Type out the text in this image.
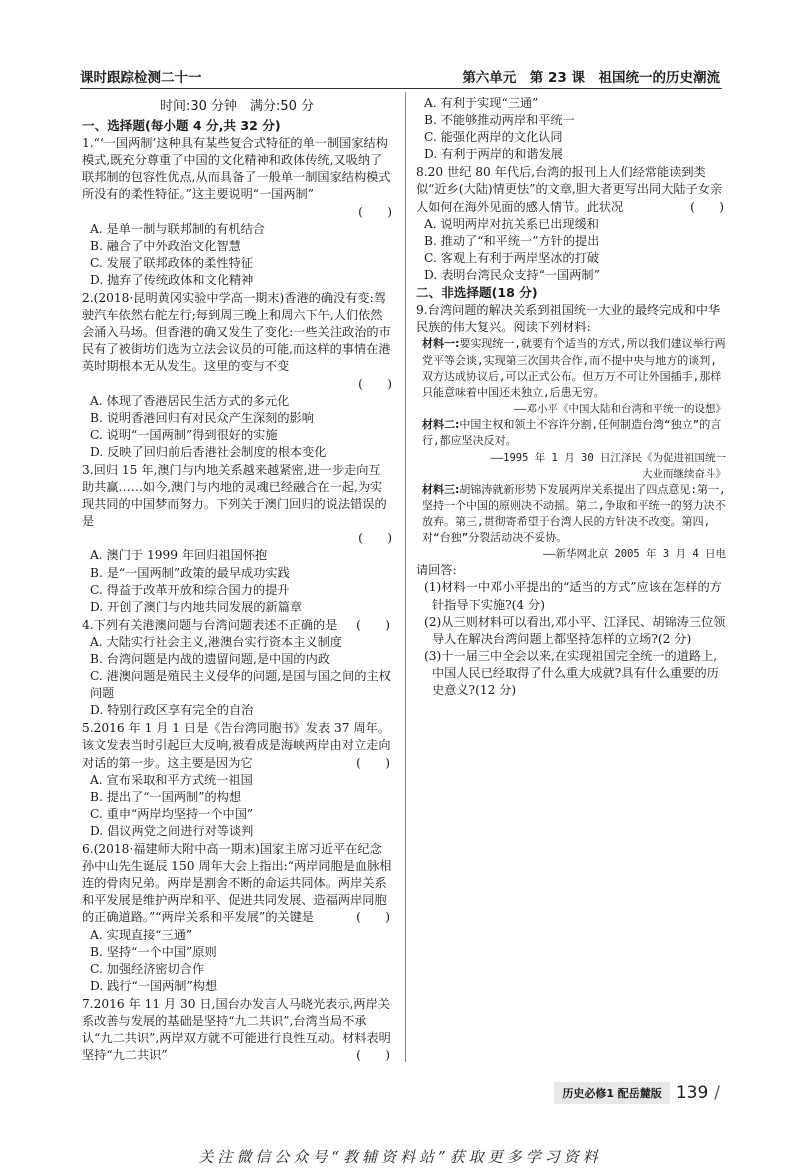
课时跟踪检测二十一	第六单元　第 23 课　祖国统一的历史潮流

时间:30 分钟　满分:50 分

一、选择题(每小题 4 分,共 32 分)

1.“‘一国两制’这种具有某些复合式特征的单一制国家结构模式,既充分尊重了中国的文化精神和政体传统,又吸纳了联邦制的包容性优点,从而具备了一般单一制国家结构模式所没有的柔性特征。”这主要说明“一国两制”

(　　)

A. 是单一制与联邦制的有机结合

B. 融合了中外政治文化智慧

C. 发展了联邦政体的柔性特征

D. 抛弃了传统政体和文化精神

2.(2018·昆明黄冈实验中学高一期末)香港的确没有变:驾驶汽车依然右舵左行;每到周三晚上和周六下午,人们依然会涌入马场。但香港的确又发生了变化:一些关注政治的市民有了被街坊们选为立法会议员的可能,而这样的事情在港英时期根本无从发生。这里的变与不变

(　　)

A. 体现了香港居民生活方式的多元化

B. 说明香港回归有对民众产生深刻的影响

C. 说明“一国两制”得到很好的实施

D. 反映了回归前后香港社会制度的根本变化

3.回归 15 年,澳门与内地关系越来越紧密,进一步走向互助共赢……如今,澳门与内地的灵魂已经融合在一起,为实现共同的中国梦而努力。下列关于澳门回归的说法错误的是

(　　)

A. 澳门于 1999 年回归祖国怀抱

B. 是“一国两制”政策的最早成功实践

C. 得益于改革开放和综合国力的提升

D. 开创了澳门与内地共同发展的新篇章

4.下列有关港澳问题与台湾问题表述不正确的是 (　　)

A. 大陆实行社会主义,港澳台实行资本主义制度

B. 台湾问题是内战的遗留问题,是中国的内政

C. 港澳问题是殖民主义侵华的问题,是国与国之间的主权问题

D. 特别行政区享有完全的自治

5.2016 年 1 月 1 日是《告台湾同胞书》发表 37 周年。该文发表当时引起巨大反响,被看成是海峡两岸由对立走向对话的第一步。这主要是因为它	(　　)

A. 宣布采取和平方式统一祖国

B. 提出了“一国两制”的构想

C. 重申“两岸均坚持一个中国”

D. 倡议两党之间进行对等谈判

6.(2018·福建师大附中高一期末)国家主席习近平在纪念孙中山先生诞辰 150 周年大会上指出:“两岸同胞是血脉相连的骨肉兄弟。两岸是割舍不断的命运共同体。两岸关系和平发展是维护两岸和平、促进共同发展、造福两岸同胞的正确道路。”“两岸关系和平发展”的关键是	(　　)

A. 实现直接“三通”

B. 坚持“一个中国”原则

C. 加强经济密切合作

D. 践行“一国两制”构想

7.2016 年 11 月 30 日,国台办发言人马晓光表示,两岸关系改善与发展的基础是坚持“九二共识”,台湾当局不承认“九二共识”,两岸双方就不可能进行良性互动。材料表明坚持“九二共识”	(　　)

A. 有利于实现“三通”

B. 不能够推动两岸和平统一

C. 能强化两岸的文化认同

D. 有利于两岸的和谐发展

8.20 世纪 80 年代后,台湾的报刊上人们经常能读到类似“近乡(大陆)情更怯”的文章,胆大者更写出同大陆子女亲人如何在海外见面的感人情节。此状况	(　　)

A. 说明两岸对抗关系已出现缓和

B. 推动了“和平统一”方针的提出

C. 客观上有利于两岸坚冰的打破

D. 表明台湾民众支持“一国两制”

二、非选择题(18 分)

9.台湾问题的解决关系到祖国统一大业的最终完成和中华民族的伟大复兴。阅读下列材料:

材料一:要实现统一,就要有个适当的方式,所以我们建议举行两党平等会谈,实现第三次国共合作,而不提中央与地方的谈判,双方达成协议后,可以正式公布。但万万不可让外国插手,那样只能意味着中国还未独立,后患无穷。

——邓小平《中国大陆和台湾和平统一的设想》

材料二:中国主权和领土不容许分割,任何制造台湾“独立”的言行,都应坚决反对。

——1995 年 1 月 30 日江泽民《为促进祖国统一

大业而继续奋斗》

材料三:胡锦涛就新形势下发展两岸关系提出了四点意见:第一,坚持一个中国的原则决不动摇。第二,争取和平统一的努力决不放弃。第三,贯彻寄希望于台湾人民的方针决不改变。第四,对“台独”分裂活动决不妥协。

——新华网北京 2005 年 3 月 4 日电

请回答:

(1)材料一中邓小平提出的“适当的方式”应该在怎样的方针指导下实施?(4 分)

(2)从三则材料可以看出,邓小平、江泽民、胡锦涛三位领导人在解决台湾问题上都坚持怎样的立场?(2 分)

(3)十一届三中全会以来,在实现祖国完全统一的道路上,中国人民已经取得了什么重大成就?具有什么重要的历史意义?(12 分)

历史必修1 配岳麓版 139 /
关注微信公众号“教辅资料站”获取更多学习资料
